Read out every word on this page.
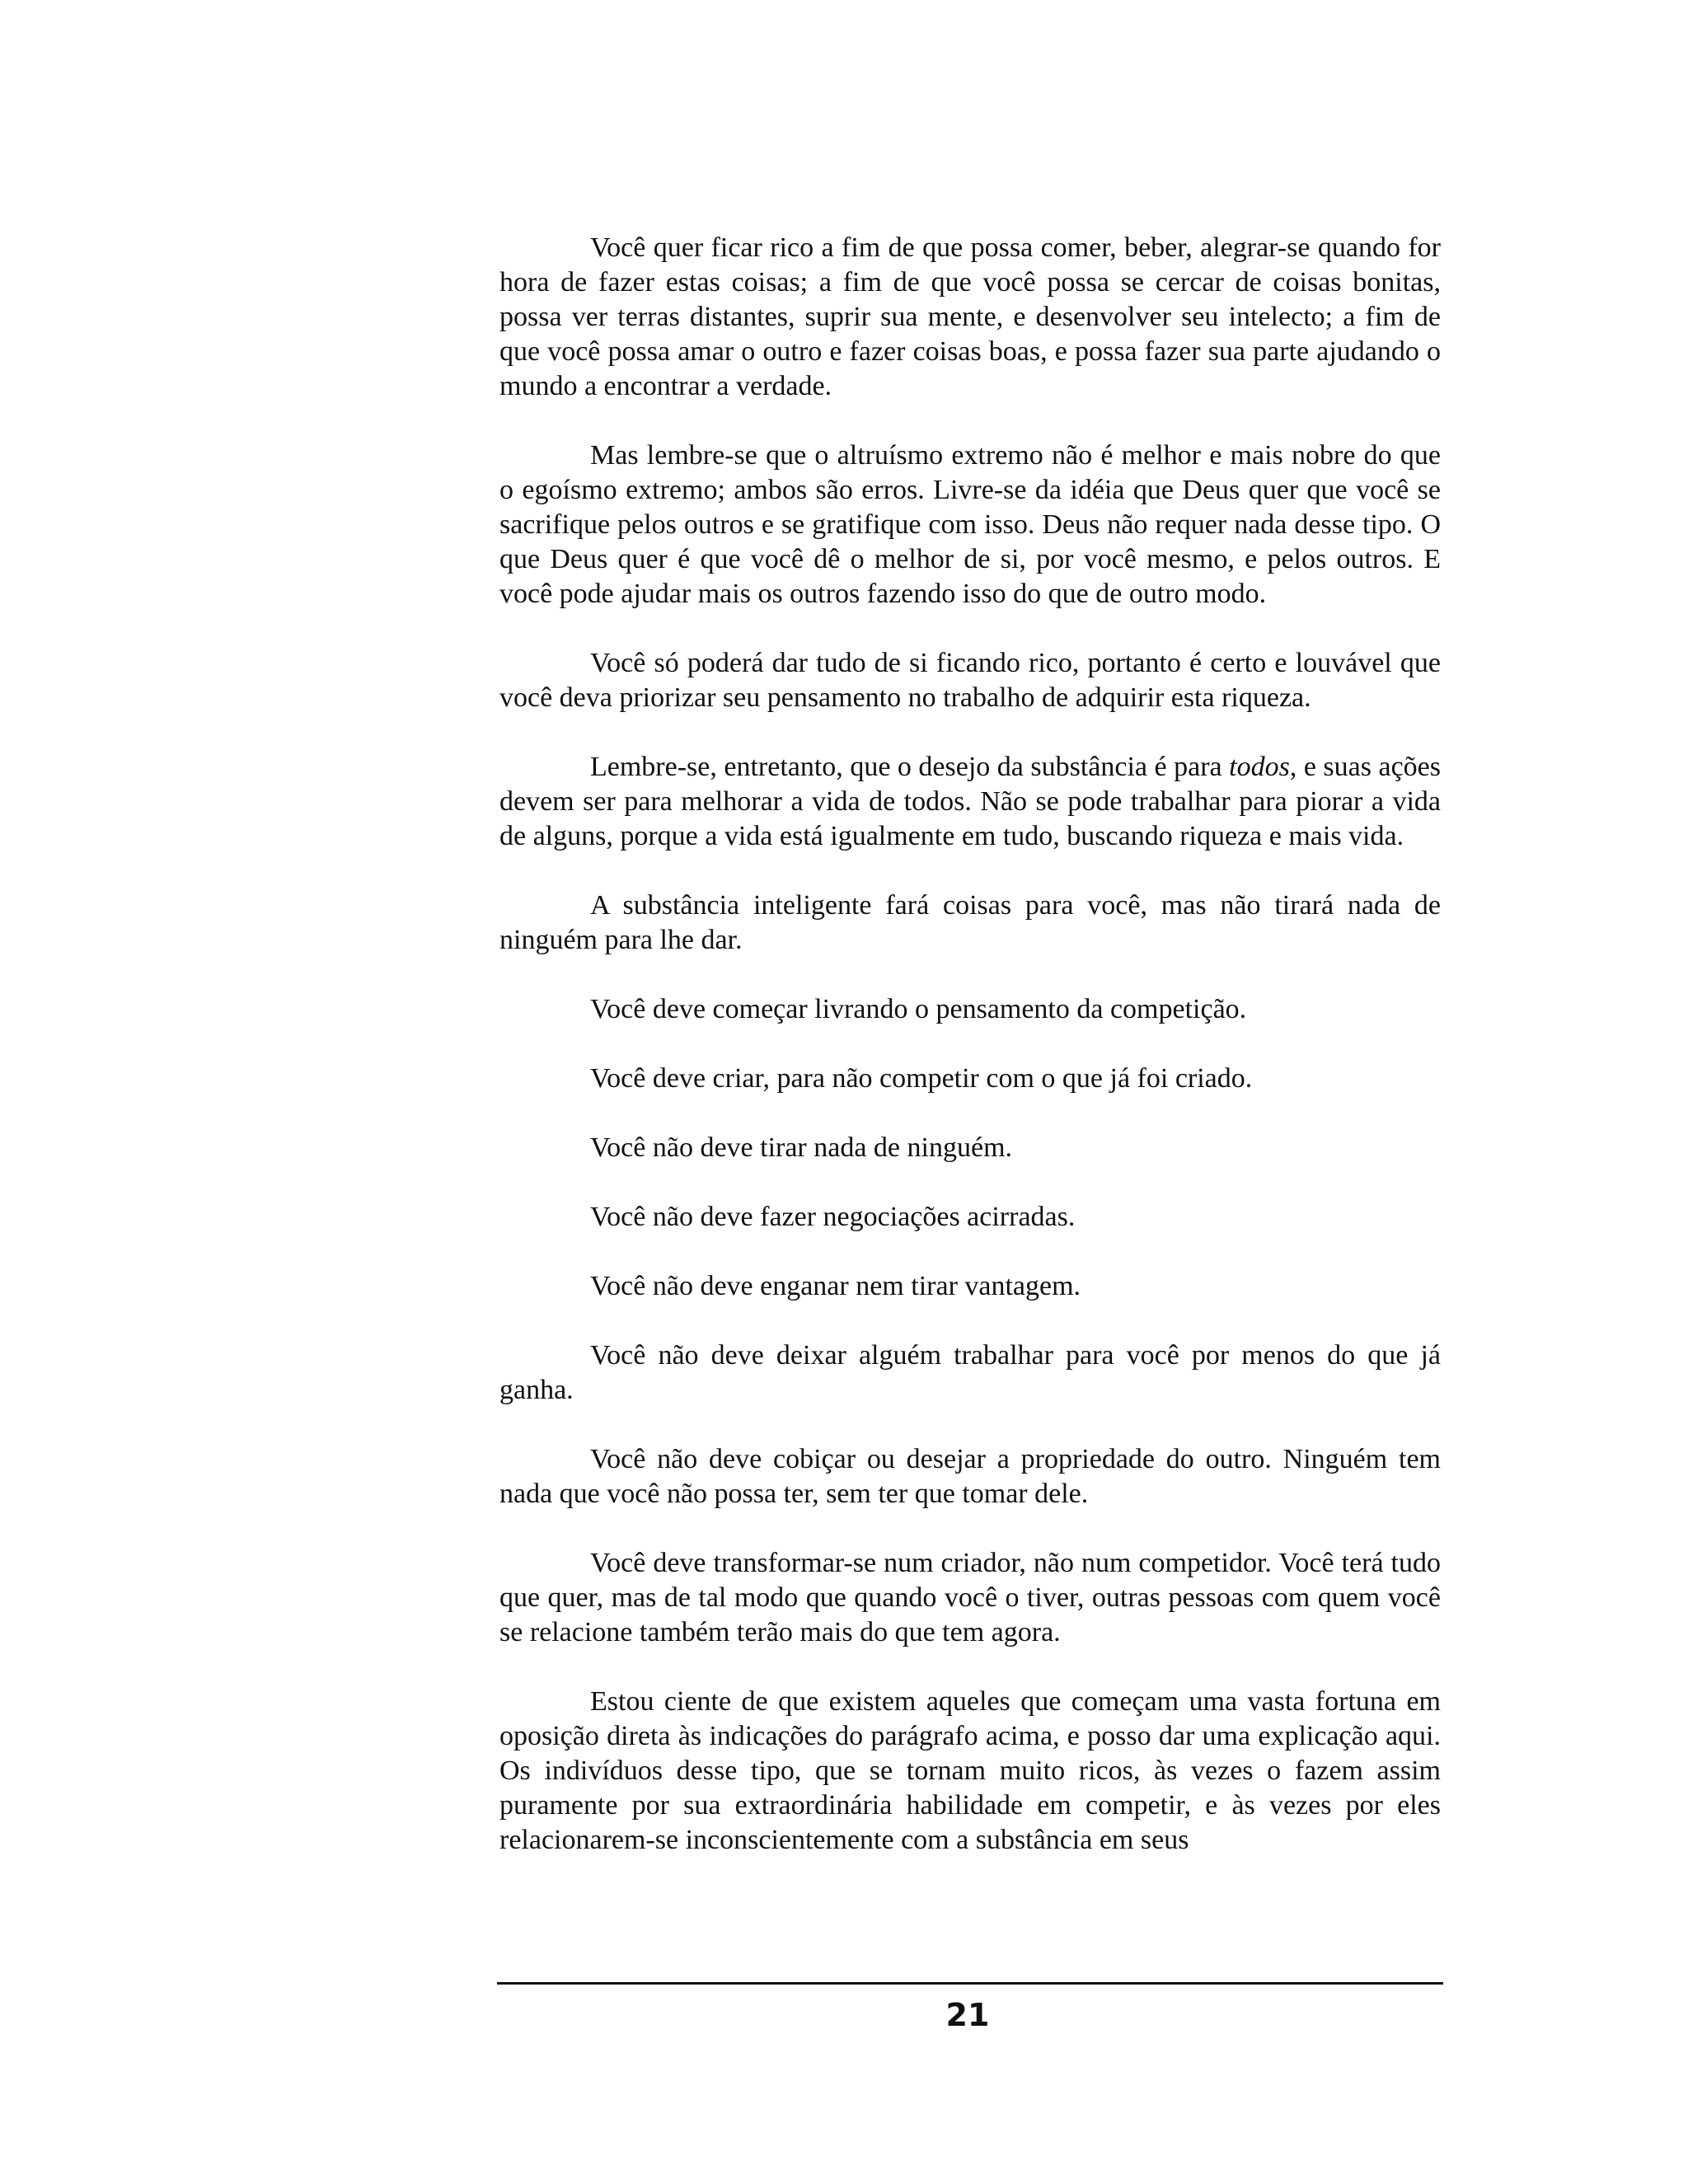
Você quer ficar rico a fim de que possa comer, beber, alegrar-se quando for hora de fazer estas coisas; a fim de que você possa se cercar de coisas bonitas, possa ver terras distantes, suprir sua mente, e desenvolver seu intelecto; a fim de que você possa amar o outro e fazer coisas boas, e possa fazer sua parte ajudando o mundo a encontrar a verdade.

Mas lembre-se que o altruísmo extremo não é melhor e mais nobre do que o egoísmo extremo; ambos são erros. Livre-se da idéia que Deus quer que você se sacrifique pelos outros e se gratifique com isso. Deus não requer nada desse tipo. O que Deus quer é que você dê o melhor de si, por você mesmo, e pelos outros. E você pode ajudar mais os outros fazendo isso do que de outro modo.

Você só poderá dar tudo de si ficando rico, portanto é certo e louvável que você deva priorizar seu pensamento no trabalho de adquirir esta riqueza.

Lembre-se, entretanto, que o desejo da substância é para todos, e suas ações devem ser para melhorar a vida de todos. Não se pode trabalhar para piorar a vida de alguns, porque a vida está igualmente em tudo, buscando riqueza e mais vida.

A substância inteligente fará coisas para você, mas não tirará nada de ninguém para lhe dar.

Você deve começar livrando o pensamento da competição.

Você deve criar, para não competir com o que já foi criado.

Você não deve tirar nada de ninguém.

Você não deve fazer negociações acirradas.

Você não deve enganar nem tirar vantagem.

Você não deve deixar alguém trabalhar para você por menos do que já ganha.

Você não deve cobiçar ou desejar a propriedade do outro. Ninguém tem nada que você não possa ter, sem ter que tomar dele.

Você deve transformar-se num criador, não num competidor. Você terá tudo que quer, mas de tal modo que quando você o tiver, outras pessoas com quem você se relacione também terão mais do que tem agora.

Estou ciente de que existem aqueles que começam uma vasta fortuna em oposição direta às indicações do parágrafo acima, e posso dar uma explicação aqui. Os indivíduos desse tipo, que se tornam muito ricos, às vezes o fazem assim puramente por sua extraordinária habilidade em competir, e às vezes por eles relacionarem-se inconscientemente com a substância em seus

21
